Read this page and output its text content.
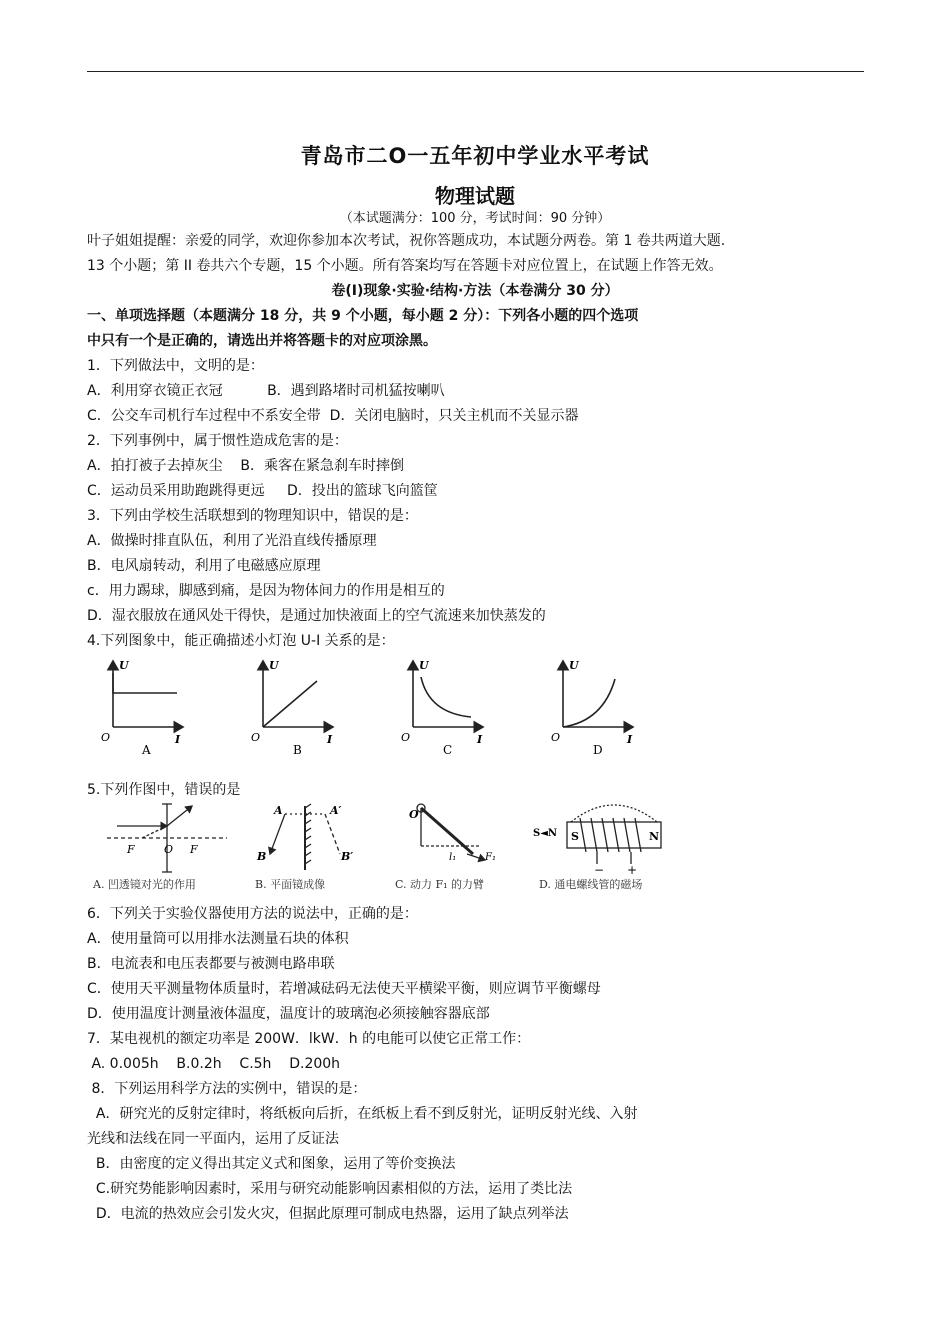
青岛市二O一五年初中学业水平考试
物理试题
（本试题满分：100 分，考试时间：90 分钟）
叶子姐姐提醒：亲爱的同学，欢迎你参加本次考试，祝你答题成功，本试题分两卷。第 1 卷共两道大题.
13 个小题；第 II 卷共六个专题，15 个小题。所有答案均写在答题卡对应位置上，在试题上作答无效。
卷(I)现象·实验·结构·方法（本卷满分 30 分）
一、单项选择题（本题满分 18 分，共 9 个小题，每小题 2 分）：下列各小题的四个选项
中只有一个是正确的，请选出并将答题卡的对应项涂黑。
1．下列做法中，文明的是：
A．利用穿衣镜正衣冠          B．遇到路堵时司机猛按喇叭
C．公交车司机行车过程中不系安全带  D．关闭电脑时，只关主机而不关显示器
2．下列事例中，属于惯性造成危害的是：
A．拍打被子去掉灰尘    B．乘客在紧急刹车时摔倒
C．运动员采用助跑跳得更远     D．投出的篮球飞向篮筐
3．下列由学校生活联想到的物理知识中，错误的是：
A．做操时排直队伍，利用了光沿直线传播原理
B．电风扇转动，利用了电磁感应原理
c．用力踢球，脚感到痛，是因为物体间力的作用是相互的
D．湿衣服放在通风处干得快，是通过加快液面上的空气流速来加快蒸发的
4.下列图象中，能正确描述小灯泡 U-I 关系的是：
U
O	I
A
U
O	I
B
U
O	I
C
U
O	I
D
5.下列作图中，错误的是
F	O F
A. 凹透镜对光的作用
A	A′
B	B′
B. 平面镜成像
O
l₁	F₁
C. 动力 F₁ 的力臂
S	N
S◄N
− +
D. 通电螺线管的磁场
6．下列关于实验仪器使用方法的说法中，正确的是：
A．使用量筒可以用排水法测量石块的体积
B．电流表和电压表都要与被测电路串联
C．使用天平测量物体质量时，若增减砝码无法使天平横梁平衡，则应调节平衡螺母
D．使用温度计测量液体温度，温度计的玻璃泡必须接触容器底部
7．某电视机的额定功率是 200W．lkW．h 的电能可以使它正常工作：
A. 0.005h    B.0.2h    C.5h    D.200h
8．下列运用科学方法的实例中，错误的是：
A．研究光的反射定律时，将纸板向后折，在纸板上看不到反射光，证明反射光线、入射
光线和法线在同一平面内，运用了反证法
B．由密度的定义得出其定义式和图象，运用了等价变换法
C.研究势能影响因素时，采用与研究动能影响因素相似的方法，运用了类比法
D．电流的热效应会引发火灾，但据此原理可制成电热器，运用了缺点列举法
